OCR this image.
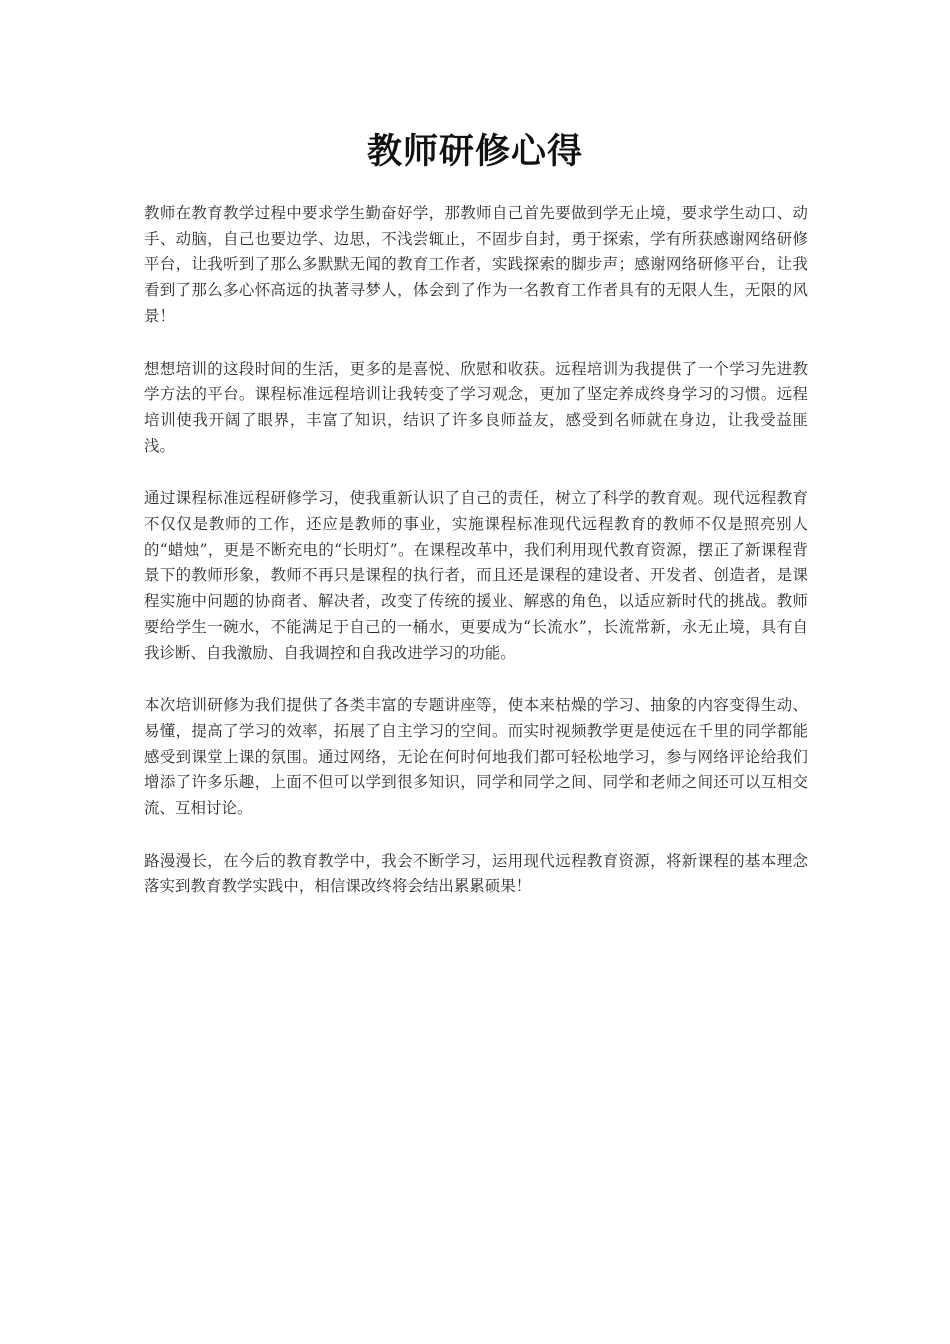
教师研修心得

教师在教育教学过程中要求学生勤奋好学，那教师自己首先要做到学无止境，要求学生动口、动手、动脑，自己也要边学、边思，不浅尝辄止，不固步自封，勇于探索，学有所获感谢网络研修平台，让我听到了那么多默默无闻的教育工作者，实践探索的脚步声；感谢网络研修平台，让我看到了那么多心怀高远的执著寻梦人，体会到了作为一名教育工作者具有的无限人生，无限的风景！

想想培训的这段时间的生活，更多的是喜悦、欣慰和收获。远程培训为我提供了一个学习先进教学方法的平台。课程标准远程培训让我转变了学习观念，更加了坚定养成终身学习的习惯。远程培训使我开阔了眼界，丰富了知识，结识了许多良师益友，感受到名师就在身边，让我受益匪浅。

通过课程标准远程研修学习，使我重新认识了自己的责任，树立了科学的教育观。现代远程教育不仅仅是教师的工作，还应是教师的事业，实施课程标准现代远程教育的教师不仅是照亮别人的“蜡烛”，更是不断充电的“长明灯”。在课程改革中，我们利用现代教育资源，摆正了新课程背景下的教师形象，教师不再只是课程的执行者，而且还是课程的建设者、开发者、创造者，是课程实施中问题的协商者、解决者，改变了传统的援业、解惑的角色，以适应新时代的挑战。教师要给学生一碗水，不能满足于自己的一桶水，更要成为“长流水”，长流常新，永无止境，具有自我诊断、自我激励、自我调控和自我改进学习的功能。

本次培训研修为我们提供了各类丰富的专题讲座等，使本来枯燥的学习、抽象的内容变得生动、易懂，提高了学习的效率，拓展了自主学习的空间。而实时视频教学更是使远在千里的同学都能感受到课堂上课的氛围。通过网络，无论在何时何地我们都可轻松地学习，参与网络评论给我们增添了许多乐趣，上面不但可以学到很多知识，同学和同学之间、同学和老师之间还可以互相交流、互相讨论。

路漫漫长，在今后的教育教学中，我会不断学习，运用现代远程教育资源，将新课程的基本理念落实到教育教学实践中，相信课改终将会结出累累硕果！
